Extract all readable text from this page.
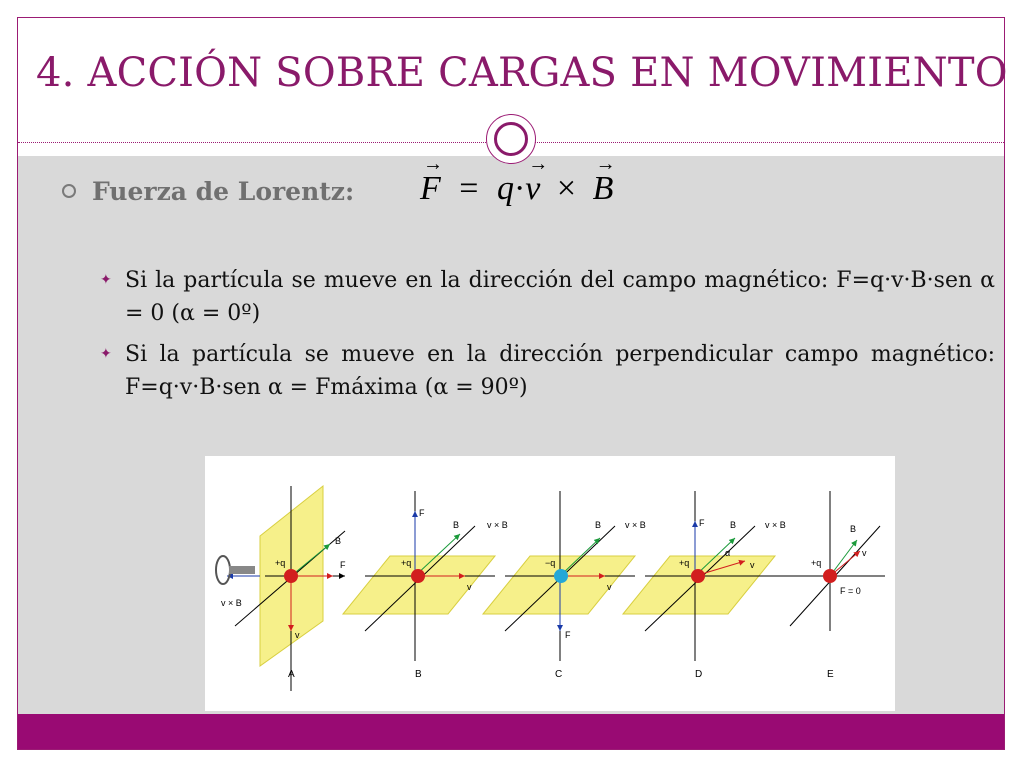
4. ACCIÓN SOBRE CARGAS EN MOVIMIENTO
Fuerza de Lorentz: → F = q·→ v × → B
✦ Si la partícula se mueve en la dirección del campo magnético: F=q·v·B·sen α = 0 (α = 0º)
✦ Si la partícula se mueve en la dirección perpendicular campo magnético: F=q·v·B·sen α = Fmáxima (α = 90º)
+q
B
F
v
v × B
A
+q
F
B
v
v × B
B
−q
F
B
v
v × B
C
+q
F	B
α
v
v × B
D
+q
B
v
F = 0
E
